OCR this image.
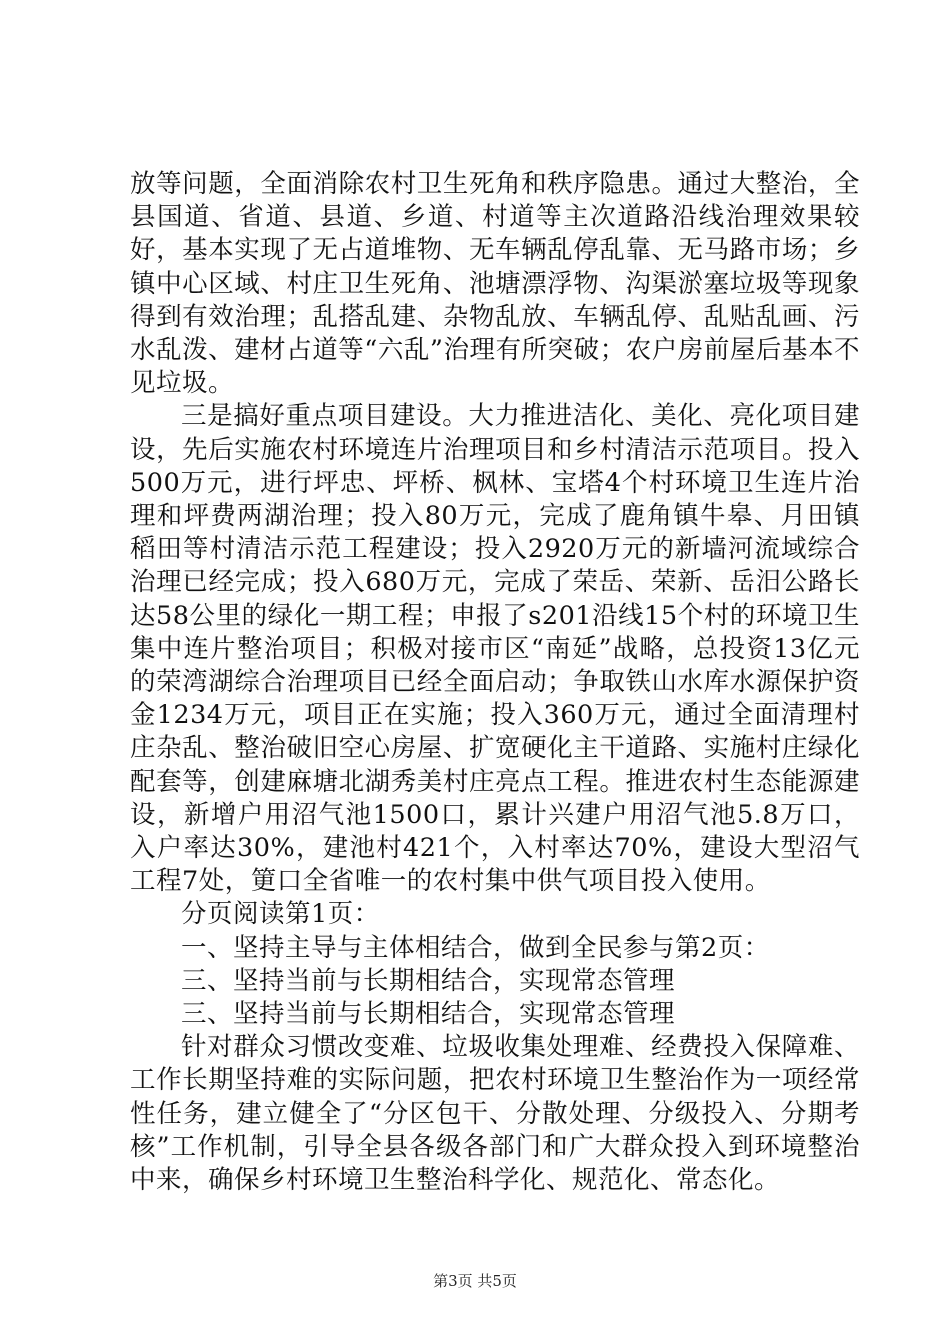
放等问题，全面消除农村卫生死角和秩序隐患。通过大整治，全县国道、省道、县道、乡道、村道等主次道路沿线治理效果较好，基本实现了无占道堆物、无车辆乱停乱靠、无马路市场；乡镇中心区域、村庄卫生死角、池塘漂浮物、沟渠淤塞垃圾等现象得到有效治理；乱搭乱建、杂物乱放、车辆乱停、乱贴乱画、污水乱泼、建材占道等“六乱”治理有所突破；农户房前屋后基本不见垃圾。

三是搞好重点项目建设。大力推进洁化、美化、亮化项目建设，先后实施农村环境连片治理项目和乡村清洁示范项目。投入500万元，进行坪忠、坪桥、枫林、宝塔4个村环境卫生连片治理和坪费两湖治理；投入80万元，完成了鹿角镇牛皋、月田镇稻田等村清洁示范工程建设；投入2920万元的新墙河流域综合治理已经完成；投入680万元，完成了荣岳、荣新、岳汨公路长达58公里的绿化一期工程；申报了s201沿线15个村的环境卫生集中连片整治项目；积极对接市区“南延”战略，总投资13亿元的荣湾湖综合治理项目已经全面启动；争取铁山水库水源保护资金1234万元，项目正在实施；投入360万元，通过全面清理村庄杂乱、整治破旧空心房屋、扩宽硬化主干道路、实施村庄绿化配套等，创建麻塘北湖秀美村庄亮点工程。推进农村生态能源建设，新增户用沼气池1500口，累计兴建户用沼气池5.8万口，入户率达30%，建池村421个，入村率达70%，建设大型沼气工程7处，筻口全省唯一的农村集中供气项目投入使用。

分页阅读第1页：

一、坚持主导与主体相结合，做到全民参与第2页：

三、坚持当前与长期相结合，实现常态管理

三、坚持当前与长期相结合，实现常态管理

针对群众习惯改变难、垃圾收集处理难、经费投入保障难、工作长期坚持难的实际问题，把农村环境卫生整治作为一项经常性任务，建立健全了“分区包干、分散处理、分级投入、分期考核”工作机制，引导全县各级各部门和广大群众投入到环境整治中来，确保乡村环境卫生整治科学化、规范化、常态化。

第3页 共5页
